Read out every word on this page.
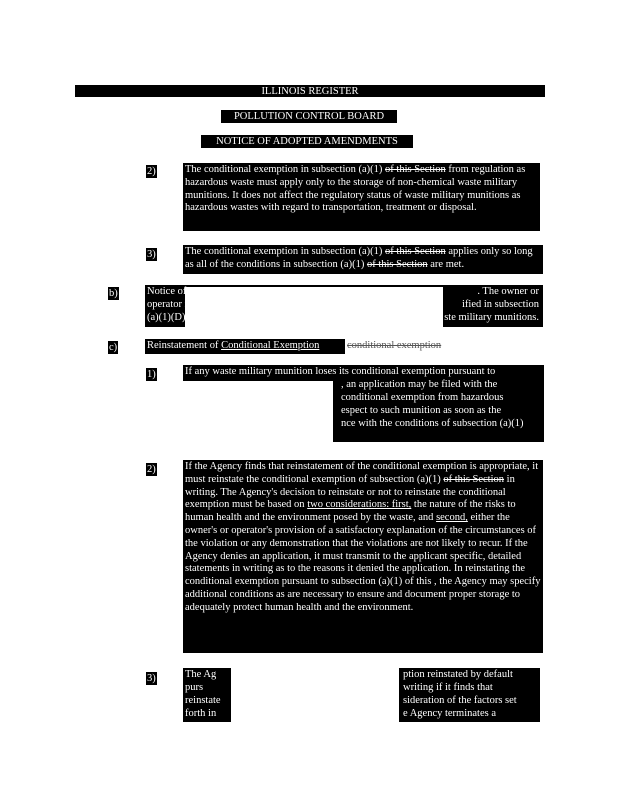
ILLINOIS REGISTER
POLLUTION CONTROL BOARD
NOTICE OF ADOPTED AMENDMENTS
2)	The conditional exemption in subsection (a)(1) of this Section from regulation as hazardous waste must apply only to the storage of non-chemical waste military munitions. It does not affect the regulatory status of waste military munitions as hazardous wastes with regard to transportation, treatment or disposal.
3)	The conditional exemption in subsection (a)(1) of this Section applies only so long as all of the conditions in subsection (a)(1) of this Section are met.
b)	Notice of	. The owner or
operator r	ified in subsection
(a)(1)(D)	ste military munitions.
c)	Reinstatement of Conditional Exemption	conditional exemption
1)	If any waste military munition loses its conditional exemption pursuant to
, an application may be filed with the
conditional exemption from hazardous
espect to such munition as soon as the
nce with the conditions of subsection (a)(1)
2)	If the Agency finds that reinstatement of the conditional exemption is appropriate, it must reinstate the conditional exemption of subsection (a)(1) of this Section in writing. The Agency's decision to reinstate or not to reinstate the conditional exemption must be based on two considerations: first, the nature of the risks to human health and the environment posed by the waste, and second, either the owner's or operator's provision of a satisfactory explanation of the circumstances of the violation or any demonstration that the violations are not likely to recur. If the Agency denies an application, it must transmit to the applicant specific, detailed statements in writing as to the reasons it denied the application. In reinstating the conditional exemption pursuant to subsection (a)(1) of this , the Agency may specify additional conditions as are necessary to ensure and document proper storage to adequately protect human health and the environment.
3)	The Ag	ption reinstated by default
purs	writing if it finds that
reinstate	sideration of the factors set
forth in	e Agency terminates a
